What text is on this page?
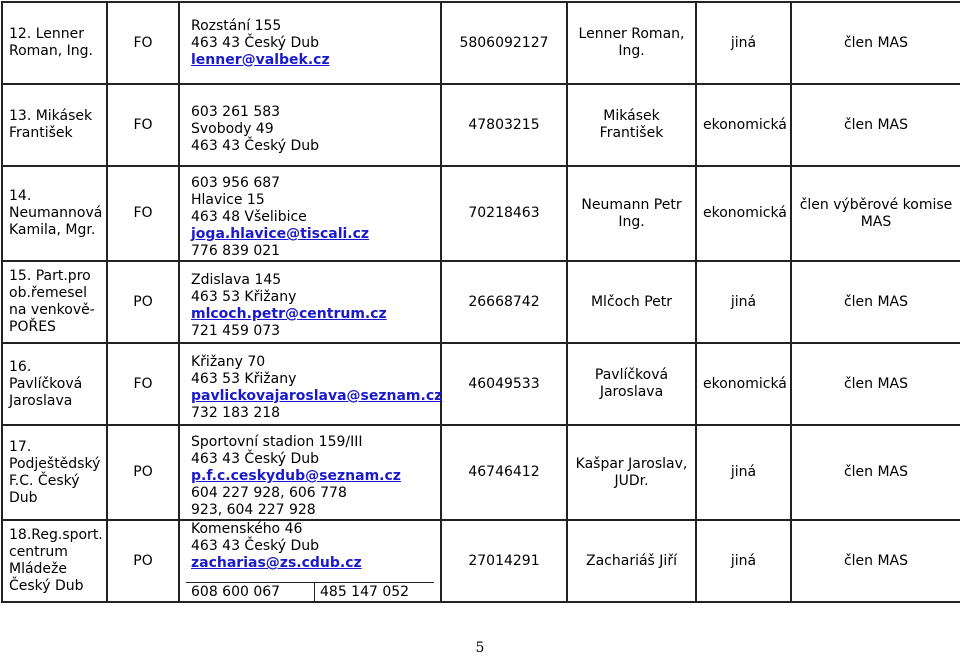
12. Lenner Roman, Ing.	FO	Rozstání 155
463 43 Český Dub
lenner@valbek.cz	5806092127	Lenner Roman, Ing.	jiná	člen MAS
13. Mikásek František	FO	603 261 583
Svobody 49
463 43 Český Dub	47803215	Mikásek František	ekonomická	člen MAS
14. Neumannová Kamila, Mgr.	FO	603 956 687
Hlavice 15
463 48 Všelibice
joga.hlavice@tiscali.cz
776 839 021	70218463	Neumann Petr Ing.	ekonomická	člen výběrové komise MAS
15. Part.pro ob.řemesel na venkově-POŘES	PO	Zdislava 145
463 53 Křižany
mlcoch.petr@centrum.cz
721 459 073	26668742	Mlčoch Petr	jiná	člen MAS
16. Pavlíčková Jaroslava	FO	Křižany 70
463 53 Křižany
pavlickovajaroslava@seznam.cz
732 183 218	46049533	Pavlíčková Jaroslava	ekonomická	člen MAS
17. Podještědský F.C. Český Dub	PO	Sportovní stadion 159/III
463 43 Český Dub
p.f.c.ceskydub@seznam.cz
604 227 928, 606 778 923, 604 227 928	46746412	Kašpar Jaroslav, JUDr.	jiná	člen MAS
18.Reg.sport. centrum Mládeže Český Dub	PO	Komenského 46
463 43 Český Dub
zacharias@zs.cdub.cz
608 600 067 485 147 052	27014291	Zachariáš Jiří	jiná	člen MAS
5
